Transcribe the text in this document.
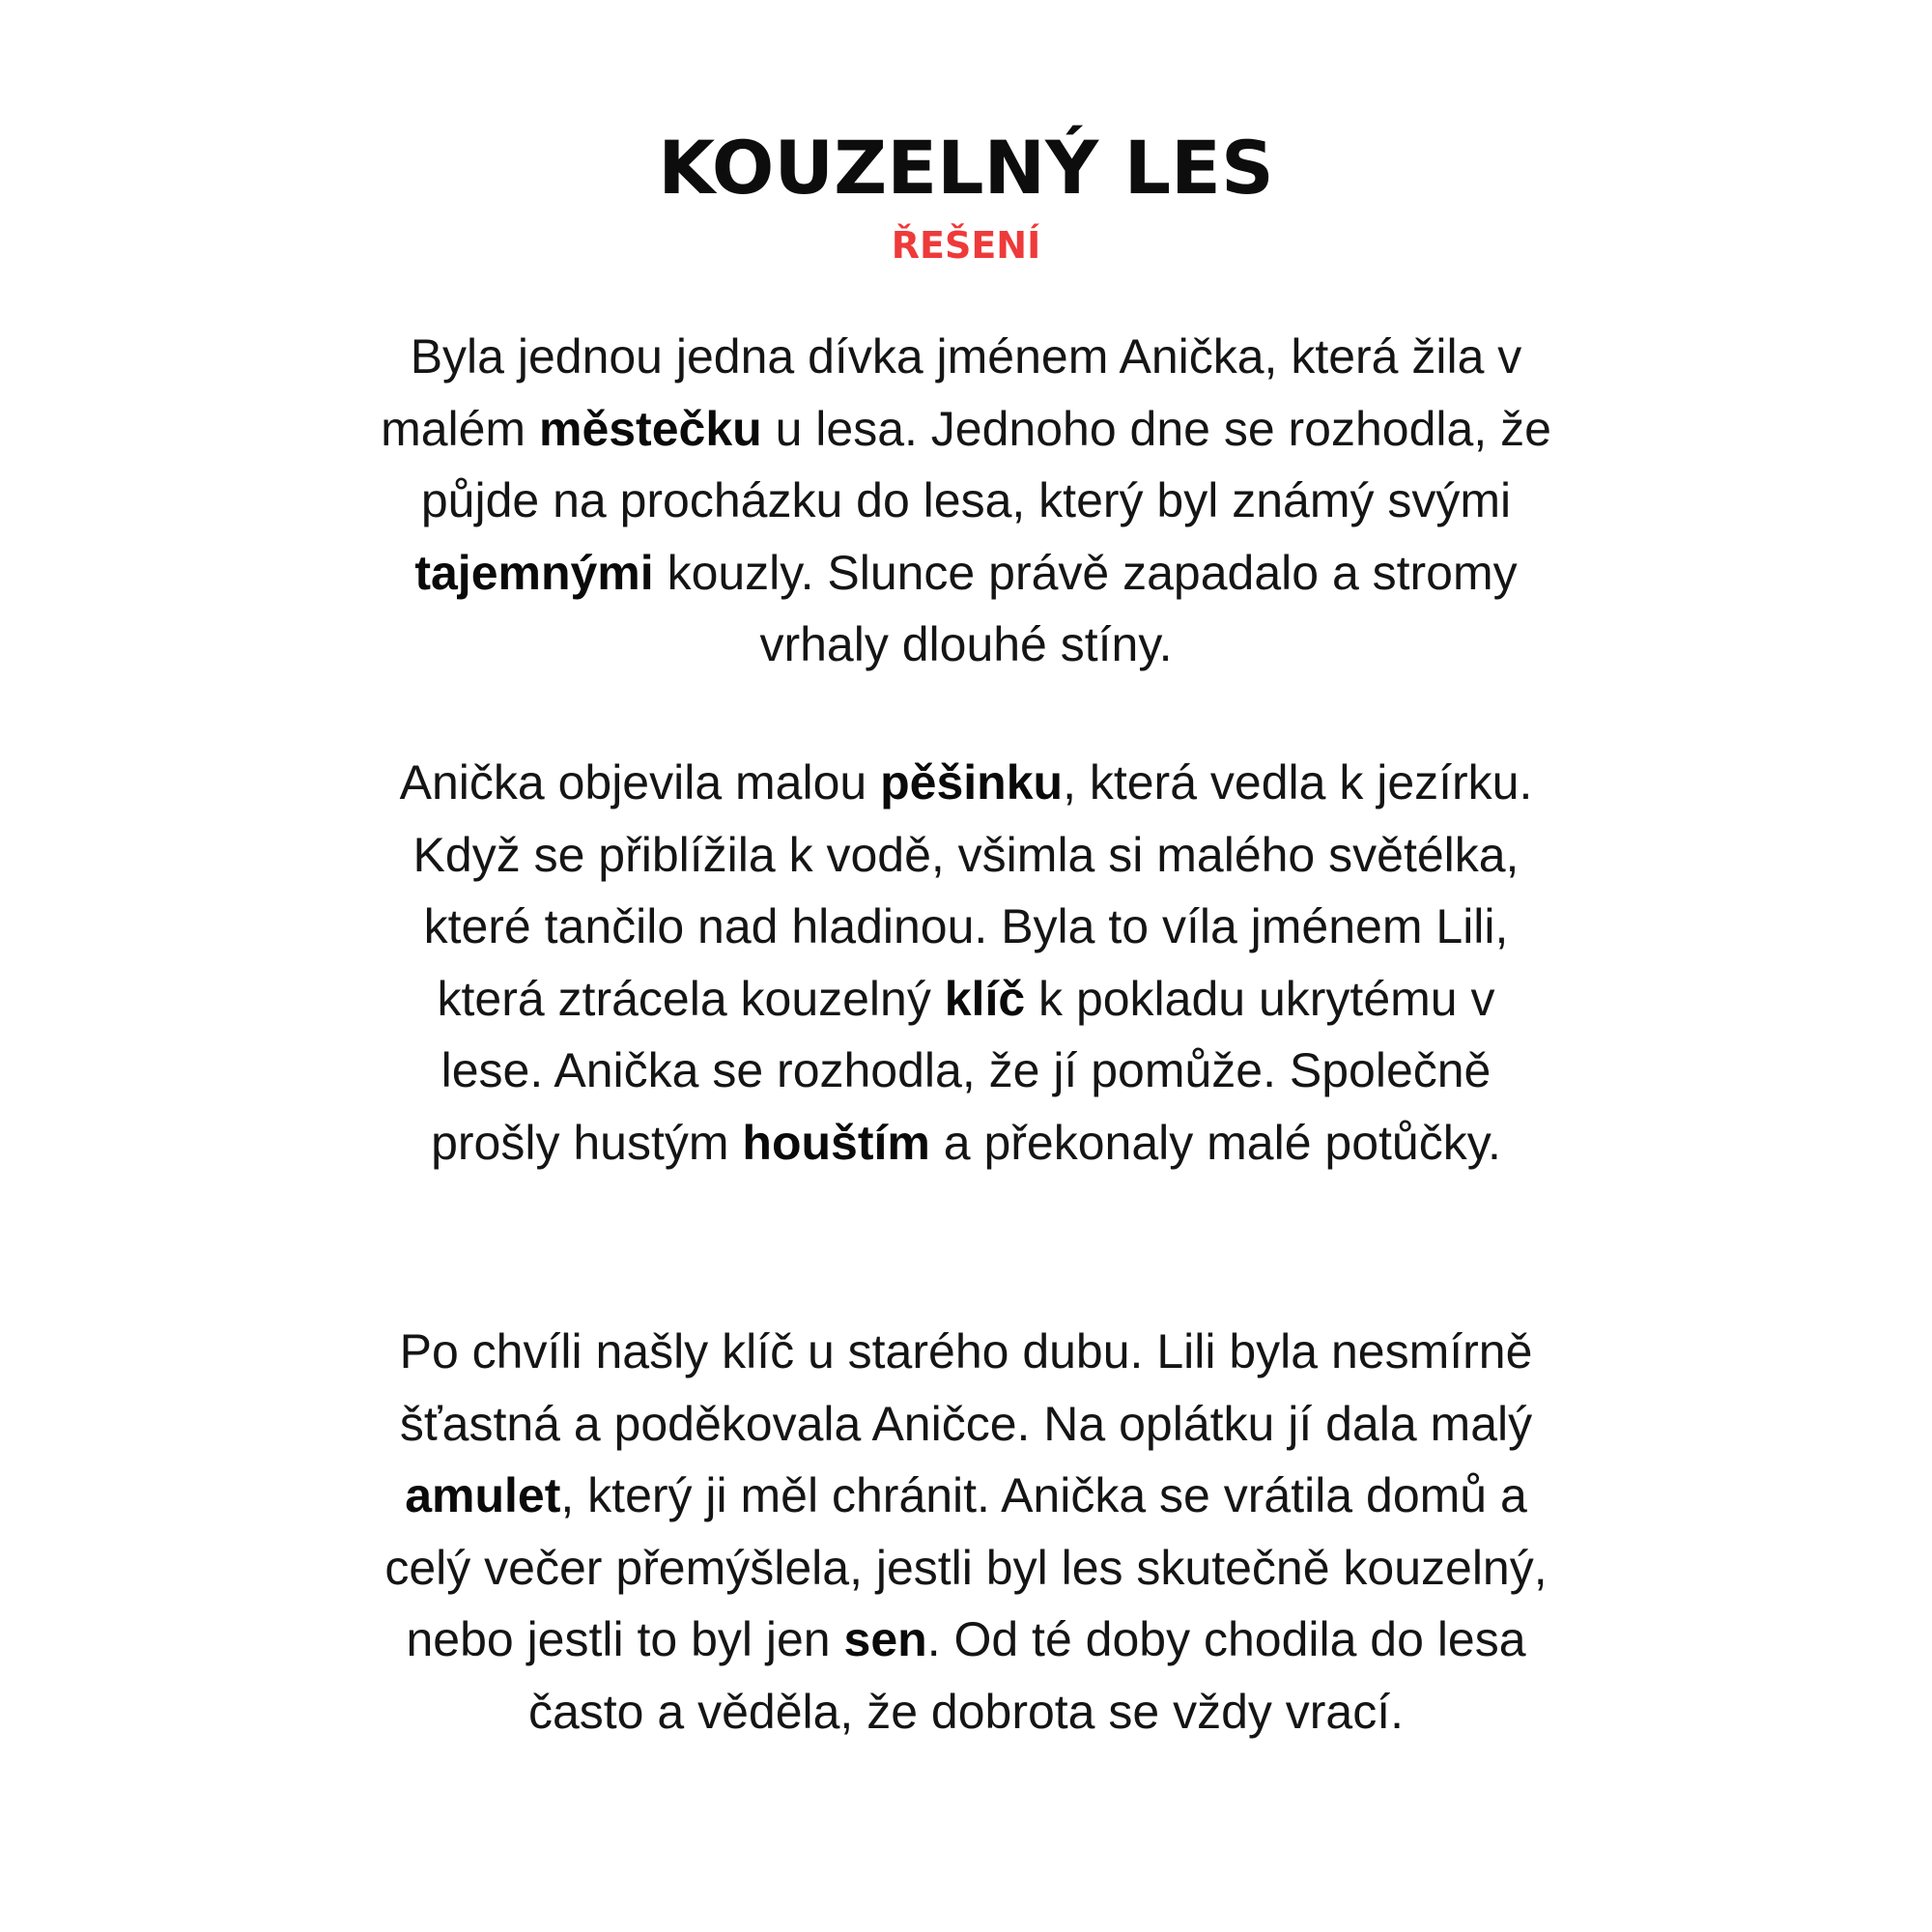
KOUZELNÝ LES
ŘEŠENÍ
Byla jednou jedna dívka jménem Anička, která žila v
malém městečku u lesa. Jednoho dne se rozhodla, že
půjde na procházku do lesa, který byl známý svými
tajemnými kouzly. Slunce právě zapadalo a stromy
vrhaly dlouhé stíny.
Anička objevila malou pěšinku, která vedla k jezírku.
Když se přiblížila k vodě, všimla si malého světélka,
které tančilo nad hladinou. Byla to víla jménem Lili,
která ztrácela kouzelný klíč k pokladu ukrytému v
lese. Anička se rozhodla, že jí pomůže. Společně
prošly hustým houštím a překonaly malé potůčky.
Po chvíli našly klíč u starého dubu. Lili byla nesmírně
šťastná a poděkovala Aničce. Na oplátku jí dala malý
amulet, který ji měl chránit. Anička se vrátila domů a
celý večer přemýšlela, jestli byl les skutečně kouzelný,
nebo jestli to byl jen sen. Od té doby chodila do lesa
často a věděla, že dobrota se vždy vrací.
